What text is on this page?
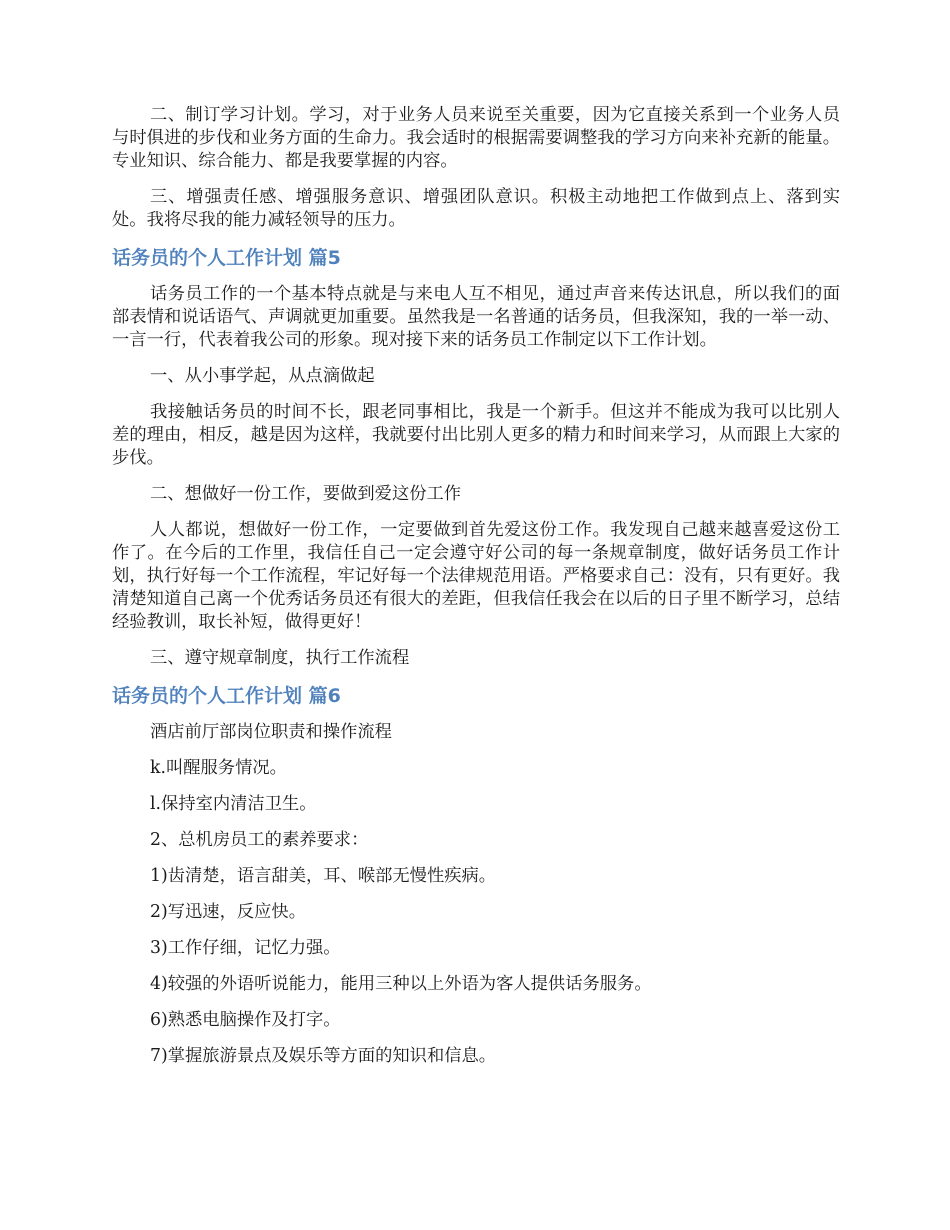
二、制订学习计划。学习，对于业务人员来说至关重要，因为它直接关系到一个业务人员与时俱进的步伐和业务方面的生命力。我会适时的根据需要调整我的学习方向来补充新的能量。专业知识、综合能力、都是我要掌握的内容。

三、增强责任感、增强服务意识、增强团队意识。积极主动地把工作做到点上、落到实处。我将尽我的能力减轻领导的压力。

话务员的个人工作计划 篇5

话务员工作的一个基本特点就是与来电人互不相见，通过声音来传达讯息，所以我们的面部表情和说话语气、声调就更加重要。虽然我是一名普通的话务员，但我深知，我的一举一动、一言一行，代表着我公司的形象。现对接下来的话务员工作制定以下工作计划。

一、从小事学起，从点滴做起

我接触话务员的时间不长，跟老同事相比，我是一个新手。但这并不能成为我可以比别人差的理由，相反，越是因为这样，我就要付出比别人更多的精力和时间来学习，从而跟上大家的步伐。

二、想做好一份工作，要做到爱这份工作

人人都说，想做好一份工作，一定要做到首先爱这份工作。我发现自己越来越喜爱这份工作了。在今后的工作里，我信任自己一定会遵守好公司的每一条规章制度，做好话务员工作计划，执行好每一个工作流程，牢记好每一个法律规范用语。严格要求自己：没有，只有更好。我清楚知道自己离一个优秀话务员还有很大的差距，但我信任我会在以后的日子里不断学习，总结经验教训，取长补短，做得更好！

三、遵守规章制度，执行工作流程

话务员的个人工作计划 篇6
酒店前厅部岗位职责和操作流程
k.叫醒服务情况。
l.保持室内清洁卫生。
2、总机房员工的素养要求：
1)齿清楚，语言甜美，耳、喉部无慢性疾病。
2)写迅速，反应快。
3)工作仔细，记忆力强。
4)较强的外语听说能力，能用三种以上外语为客人提供话务服务。
6)熟悉电脑操作及打字。
7)掌握旅游景点及娱乐等方面的知识和信息。
